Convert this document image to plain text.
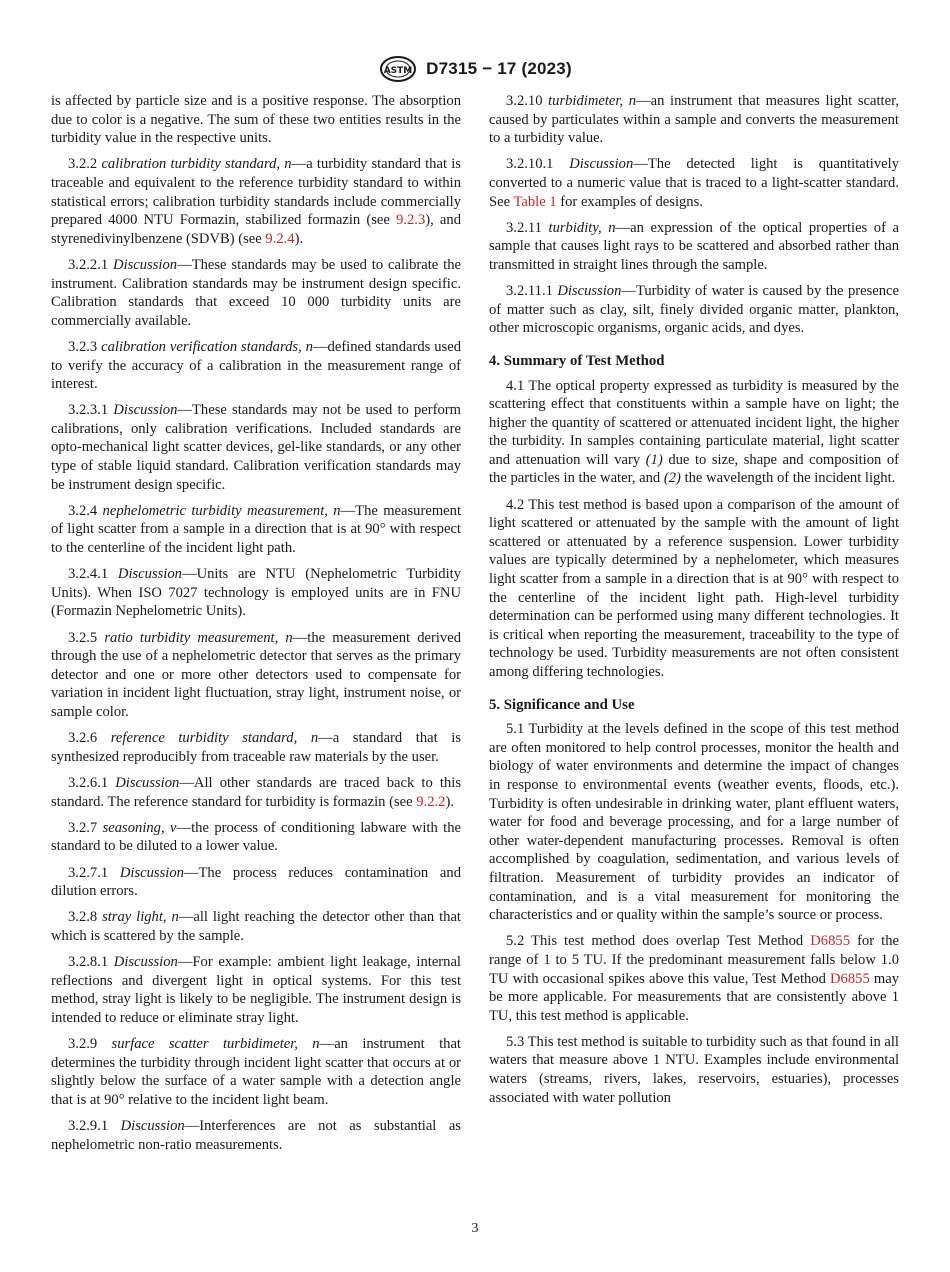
ASTM D7315 − 17 (2023)

is affected by particle size and is a positive response. The absorption due to color is a negative. The sum of these two entities results in the turbidity value in the respective units.

3.2.2 calibration turbidity standard, n—a turbidity standard that is traceable and equivalent to the reference turbidity standard to within statistical errors; calibration turbidity standards include commercially prepared 4000 NTU Formazin, stabilized formazin (see 9.2.3), and styrenedivinylbenzene (SDVB) (see 9.2.4).

3.2.2.1 Discussion—These standards may be used to calibrate the instrument. Calibration standards may be instrument design specific. Calibration standards that exceed 10 000 turbidity units are commercially available.

3.2.3 calibration verification standards, n—defined standards used to verify the accuracy of a calibration in the measurement range of interest.

3.2.3.1 Discussion—These standards may not be used to perform calibrations, only calibration verifications. Included standards are opto-mechanical light scatter devices, gel-like standards, or any other type of stable liquid standard. Calibration verification standards may be instrument design specific.

3.2.4 nephelometric turbidity measurement, n—The measurement of light scatter from a sample in a direction that is at 90° with respect to the centerline of the incident light path.

3.2.4.1 Discussion—Units are NTU (Nephelometric Turbidity Units). When ISO 7027 technology is employed units are in FNU (Formazin Nephelometric Units).

3.2.5 ratio turbidity measurement, n—the measurement derived through the use of a nephelometric detector that serves as the primary detector and one or more other detectors used to compensate for variation in incident light fluctuation, stray light, instrument noise, or sample color.

3.2.6 reference turbidity standard, n—a standard that is synthesized reproducibly from traceable raw materials by the user.

3.2.6.1 Discussion—All other standards are traced back to this standard. The reference standard for turbidity is formazin (see 9.2.2).

3.2.7 seasoning, v—the process of conditioning labware with the standard to be diluted to a lower value.

3.2.7.1 Discussion—The process reduces contamination and dilution errors.

3.2.8 stray light, n—all light reaching the detector other than that which is scattered by the sample.

3.2.8.1 Discussion—For example: ambient light leakage, internal reflections and divergent light in optical systems. For this test method, stray light is likely to be negligible. The instrument design is intended to reduce or eliminate stray light.

3.2.9 surface scatter turbidimeter, n—an instrument that determines the turbidity through incident light scatter that occurs at or slightly below the surface of a water sample with a detection angle that is at 90° relative to the incident light beam.

3.2.9.1 Discussion—Interferences are not as substantial as nephelometric non-ratio measurements.

3.2.10 turbidimeter, n—an instrument that measures light scatter, caused by particulates within a sample and converts the measurement to a turbidity value.

3.2.10.1 Discussion—The detected light is quantitatively converted to a numeric value that is traced to a light-scatter standard. See Table 1 for examples of designs.

3.2.11 turbidity, n—an expression of the optical properties of a sample that causes light rays to be scattered and absorbed rather than transmitted in straight lines through the sample.

3.2.11.1 Discussion—Turbidity of water is caused by the presence of matter such as clay, silt, finely divided organic matter, plankton, other microscopic organisms, organic acids, and dyes.

4. Summary of Test Method

4.1 The optical property expressed as turbidity is measured by the scattering effect that constituents within a sample have on light; the higher the quantity of scattered or attenuated incident light, the higher the turbidity. In samples containing particulate material, light scatter and attenuation will vary (1) due to size, shape and composition of the particles in the water, and (2) the wavelength of the incident light.

4.2 This test method is based upon a comparison of the amount of light scattered or attenuated by the sample with the amount of light scattered or attenuated by a reference suspension. Lower turbidity values are typically determined by a nephelometer, which measures light scatter from a sample in a direction that is at 90° with respect to the centerline of the incident light path. High-level turbidity determination can be performed using many different technologies. It is critical when reporting the measurement, traceability to the type of technology be used. Turbidity measurements are not often consistent among differing technologies.

5. Significance and Use

5.1 Turbidity at the levels defined in the scope of this test method are often monitored to help control processes, monitor the health and biology of water environments and determine the impact of changes in response to environmental events (weather events, floods, etc.). Turbidity is often undesirable in drinking water, plant effluent waters, water for food and beverage processing, and for a large number of other water-dependent manufacturing processes. Removal is often accomplished by coagulation, sedimentation, and various levels of filtration. Measurement of turbidity provides an indicator of contamination, and is a vital measurement for monitoring the characteristics and or quality within the sample’s source or process.

5.2 This test method does overlap Test Method D6855 for the range of 1 to 5 TU. If the predominant measurement falls below 1.0 TU with occasional spikes above this value, Test Method D6855 may be more applicable. For measurements that are consistently above 1 TU, this test method is applicable.

5.3 This test method is suitable to turbidity such as that found in all waters that measure above 1 NTU. Examples include environmental waters (streams, rivers, lakes, reservoirs, estuaries), processes associated with water pollution

3
